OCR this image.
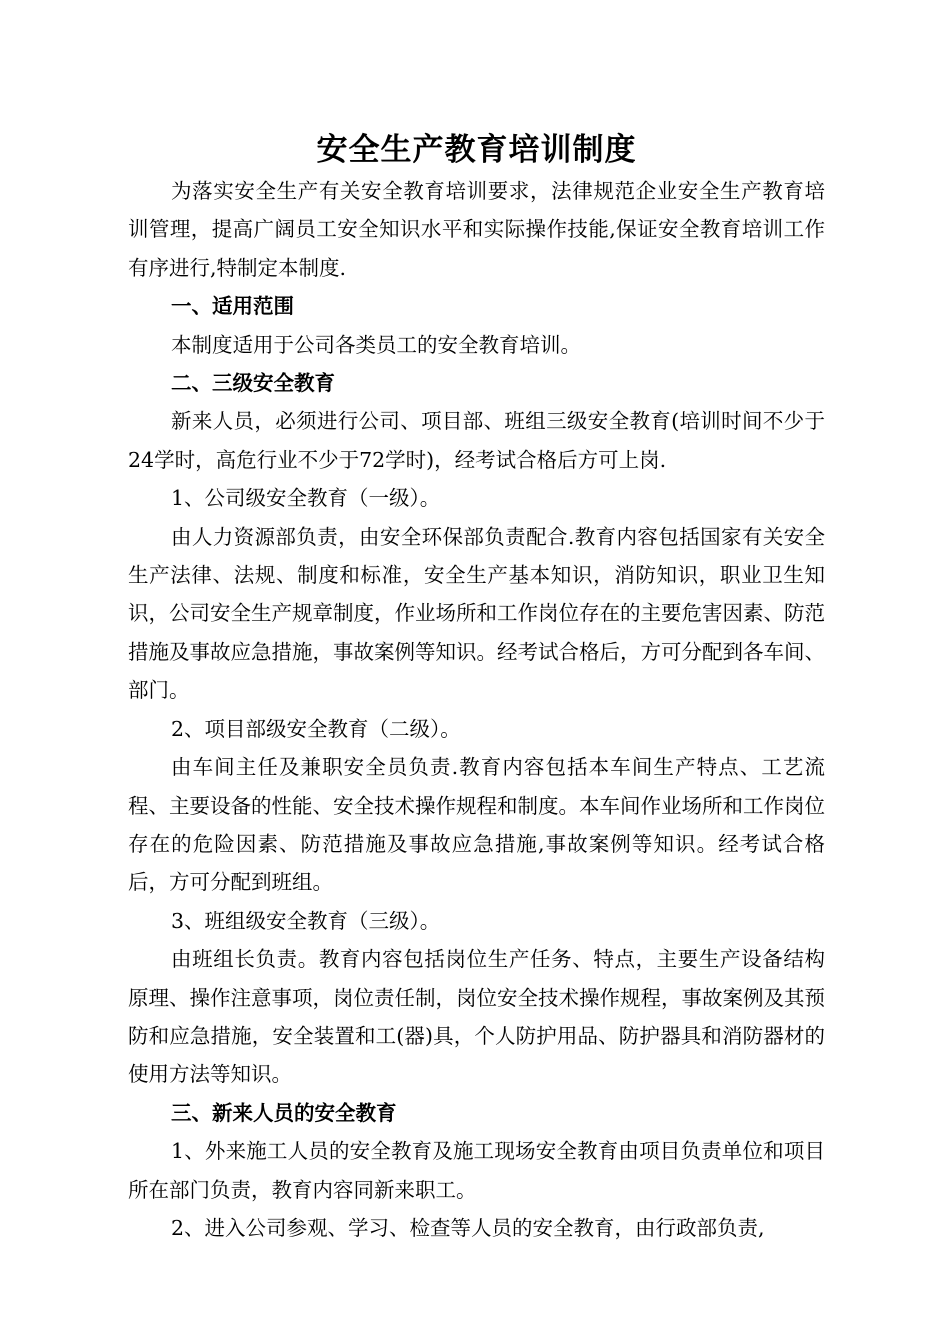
安全生产教育培训制度

为落实安全生产有关安全教育培训要求，法律规范企业安全生产教育培训管理，提高广阔员工安全知识水平和实际操作技能,保证安全教育培训工作有序进行,特制定本制度.

一、适用范围

本制度适用于公司各类员工的安全教育培训。

二、三级安全教育

新来人员，必须进行公司、项目部、班组三级安全教育(培训时间不少于24学时，高危行业不少于72学时)，经考试合格后方可上岗.

1、公司级安全教育（一级）。

由人力资源部负责，由安全环保部负责配合.教育内容包括国家有关安全生产法律、法规、制度和标准，安全生产基本知识，消防知识，职业卫生知识，公司安全生产规章制度，作业场所和工作岗位存在的主要危害因素、防范措施及事故应急措施，事故案例等知识。经考试合格后，方可分配到各车间、部门。

2、项目部级安全教育（二级）。

由车间主任及兼职安全员负责.教育内容包括本车间生产特点、工艺流程、主要设备的性能、安全技术操作规程和制度。本车间作业场所和工作岗位存在的危险因素、防范措施及事故应急措施,事故案例等知识。经考试合格后，方可分配到班组。

3、班组级安全教育（三级）。

由班组长负责。教育内容包括岗位生产任务、特点，主要生产设备结构原理、操作注意事项，岗位责任制，岗位安全技术操作规程，事故案例及其预防和应急措施，安全装置和工(器)具，个人防护用品、防护器具和消防器材的使用方法等知识。

三、新来人员的安全教育

1、外来施工人员的安全教育及施工现场安全教育由项目负责单位和项目所在部门负责，教育内容同新来职工。

2、进入公司参观、学习、检查等人员的安全教育，由行政部负责,
